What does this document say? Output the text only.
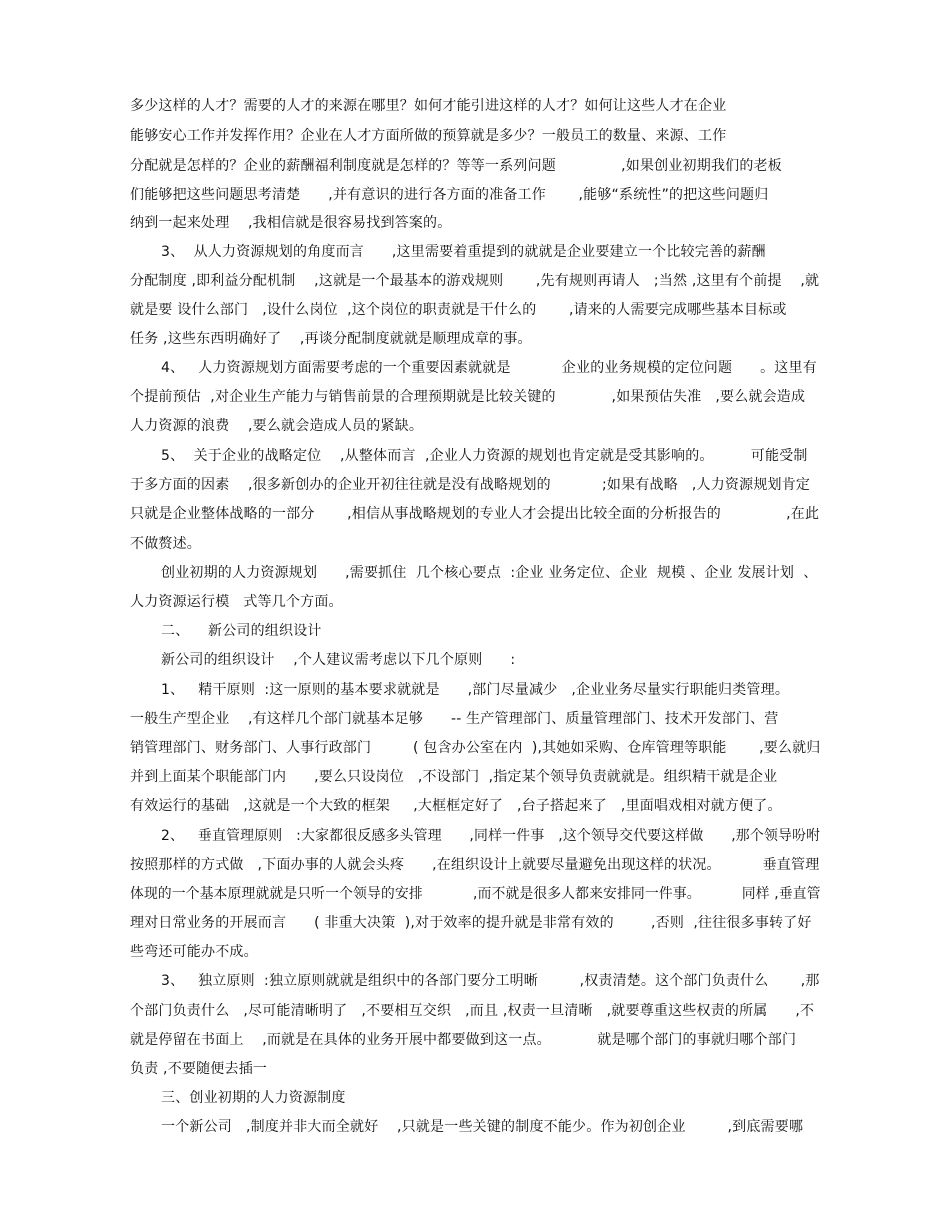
多少这样的人才？需要的人才的来源在哪里？如何才能引进这样的人才？如何让这些人才在企业
能够安心工作并发挥作用？企业在人才方面所做的预算就是多少？一般员工的数量、来源、工作
分配就是怎样的？企业的薪酬福利制度就是怎样的？等等一系列问题              ,如果创业初期我们的老板
们能够把这些问题思考清楚      ,并有意识的进行各方面的准备工作       ,能够“系统性”的把这些问题归
纳到一起来处理    ,我相信就是很容易找到答案的。
3、  从人力资源规划的角度而言      ,这里需要着重提到的就就是企业要建立一个比较完善的薪酬
分配制度 ,即利益分配机制    ,这就是一个最基本的游戏规则       ,先有规则再请人   ;当然 ,这里有个前提    ,就
就是要 设什么部门   ,设什么岗位  ,这个岗位的职责就是干什么的       ,请来的人需要完成哪些基本目标或
任务 ,这些东西明确好了    ,再谈分配制度就就是顺理成章的事。
4、   人力资源规划方面需要考虑的一个重要因素就就是           企业的业务规模的定位问题      。这里有
个提前预估  ,对企业生产能力与销售前景的合理预期就是比较关键的            ,如果预估失准   ,要么就会造成
人力资源的浪费    ,要么就会造成人员的紧缺。
5、  关于企业的战略定位    ,从整体而言  ,企业人力资源的规划也肯定就是受其影响的。        可能受制
于多方面的因素    ,很多新创办的企业开初往往就是没有战略规划的           ;如果有战略   ,人力资源规划肯定
只就是企业整体战略的一部分       ,相信从事战略规划的专业人才会提出比较全面的分析报告的              ,在此
不做赘述。
创业初期的人力资源规划      ,需要抓住  几个核心要点  :企业 业务定位、企业  规模 、企业 发展计划  、
人力资源运行模   式等几个方面。
二、    新公司的组织设计
新公司的组织设计    ,个人建议需考虑以下几个原则      :
1、   精干原则  :这一原则的基本要求就就是      ,部门尽量减少   ,企业业务尽量实行职能归类管理。
一般生产型企业    ,有这样几个部门就基本足够      -- 生产管理部门、质量管理部门、技术开发部门、营
销管理部门、财务部门、人事行政部门         ( 包含办公室在内  ),其她如采购、仓库管理等职能       ,要么就归
并到上面某个职能部门内      ,要么只设岗位   ,不设部门  ,指定某个领导负责就就是。组织精干就是企业
有效运行的基础   ,这就是一个大致的框架     ,大框框定好了   ,台子搭起来了   ,里面唱戏相对就方便了。
2、   垂直管理原则   :大家都很反感多头管理      ,同样一件事   ,这个领导交代要这样做      ,那个领导吩咐
按照那样的方式做   ,下面办事的人就会头疼      ,在组织设计上就要尽量避免出现这样的状况。         垂直管理
体现的一个基本原理就就是只听一个领导的安排           ,而不就是很多人都来安排同一件事。         同样 ,垂直管
理对日常业务的开展而言      ( 非重大决策  ),对于效率的提升就是非常有效的        ,否则  ,往往很多事转了好
些弯还可能办不成。
3、   独立原则  :独立原则就就是组织中的各部门要分工明晰         ,权责清楚。这个部门负责什么       ,那
个部门负责什么   ,尽可能清晰明了   ,不要相互交织   ,而且 ,权责一旦清晰   ,就要尊重这些权责的所属      ,不
就是停留在书面上    ,而就是在具体的业务开展中都要做到这一点。          就是哪个部门的事就归哪个部门
负责 ,不要随便去插一
三、创业初期的人力资源制度
一个新公司   ,制度并非大而全就好    ,只就是一些关键的制度不能少。作为初创企业         ,到底需要哪
